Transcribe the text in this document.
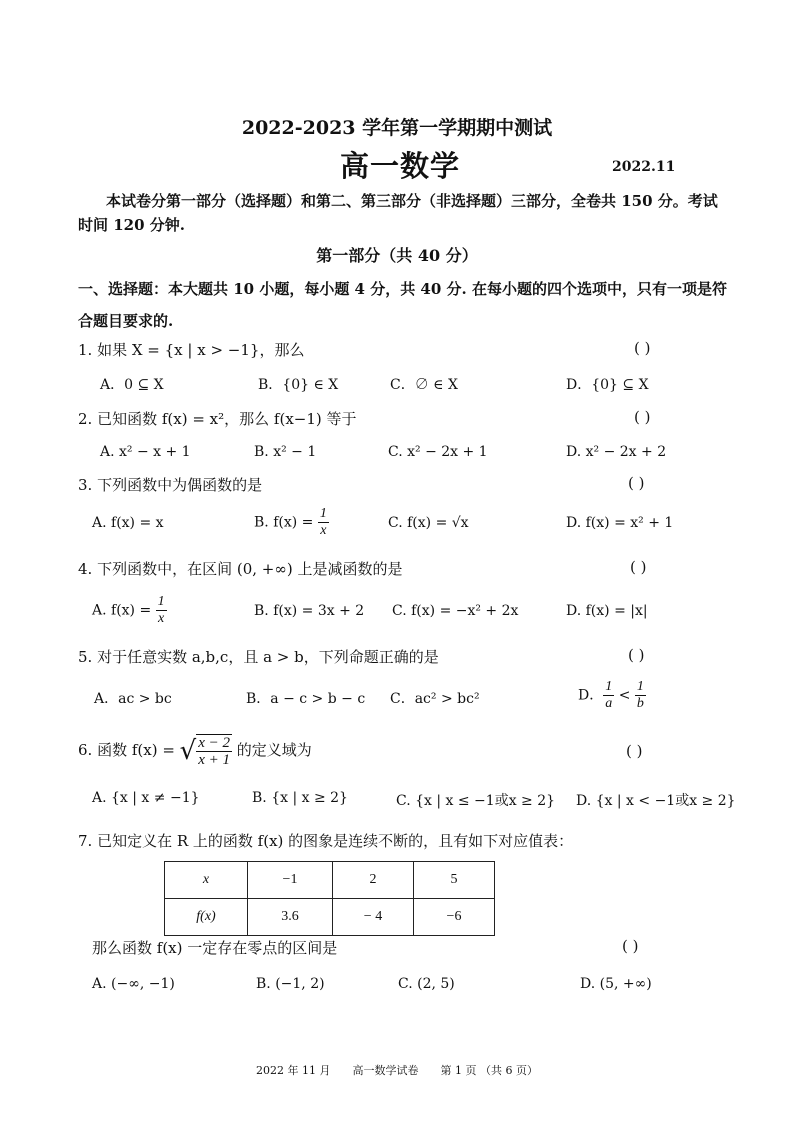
2022-2023 学年第一学期期中测试
高一数学	2022.11
本试卷分第一部分（选择题）和第二、第三部分（非选择题）三部分，全卷共 150 分。考试时间 120 分钟.
第一部分（共 40 分）
一、选择题：本大题共 10 小题，每小题 4 分，共 40 分. 在每小题的四个选项中，只有一项是符合题目要求的.
1. 如果 X = {x | x > −1}，那么	( )
A．0 ⊆ X	B．{0} ∈ X	C．∅ ∈ X	D．{0} ⊆ X
2. 已知函数 f(x) = x²，那么 f(x−1) 等于	( )
A. x² − x + 1	B. x² − 1	C. x² − 2x + 1	D. x² − 2x + 2
3. 下列函数中为偶函数的是	( )
A. f(x) = x	B. $f(x) = \frac{1}{x}$	C. f(x) = √x	D. f(x) = x² + 1
4. 下列函数中，在区间 (0, +∞) 上是减函数的是	( )
A. $f(x) = \frac{1}{x}$	B. f(x) = 3x + 2 C. f(x) = −x² + 2x	D. f(x) = |x|
5. 对于任意实数 a,b,c，且 a > b，下列命题正确的是	( )
A．ac > bc	B．a − c > b − c C．ac² > bc²	D． $\frac{1}{a} < \frac{1}{b}$
6. 函数 f(x) = √ $\frac{x - 2}{x + 1}$ 的定义域为	( )
A. {x | x ≠ −1}	B. {x | x ≥ 2}	C. {x | x ≤ −1或x ≥ 2} D. {x | x < −1或x ≥ 2}
7. 已知定义在 R 上的函数 f(x) 的图象是连续不断的，且有如下对应值表：
x	−1	2	5
f(x)	3.6	− 4	−6
那么函数 f(x) 一定存在零点的区间是	( )
A. (−∞, −1)	B. (−1, 2)	C. (2, 5)	D. (5, +∞)
2022 年 11 月　　高一数学试卷　　第 1 页 （共 6 页）
